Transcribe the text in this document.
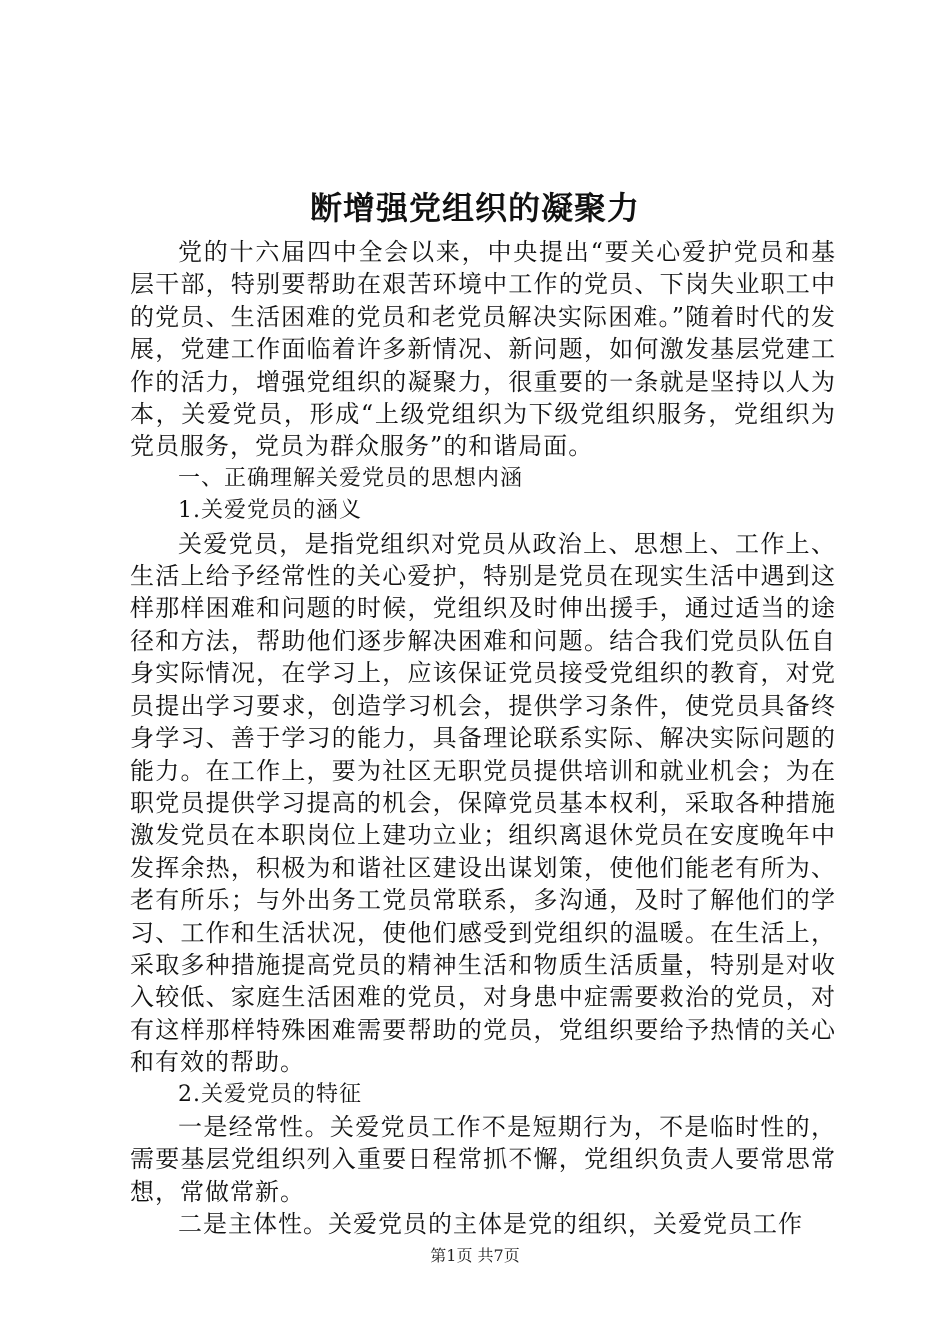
断增强党组织的凝聚力

党的十六届四中全会以来，中央提出“要关心爱护党员和基层干部，特别要帮助在艰苦环境中工作的党员、下岗失业职工中的党员、生活困难的党员和老党员解决实际困难。”随着时代的发展，党建工作面临着许多新情况、新问题，如何激发基层党建工作的活力，增强党组织的凝聚力，很重要的一条就是坚持以人为本，关爱党员，形成“上级党组织为下级党组织服务，党组织为党员服务，党员为群众服务”的和谐局面。

一、正确理解关爱党员的思想内涵

1.关爱党员的涵义

关爱党员，是指党组织对党员从政治上、思想上、工作上、生活上给予经常性的关心爱护，特别是党员在现实生活中遇到这样那样困难和问题的时候，党组织及时伸出援手，通过适当的途径和方法，帮助他们逐步解决困难和问题。结合我们党员队伍自身实际情况，在学习上，应该保证党员接受党组织的教育，对党员提出学习要求，创造学习机会，提供学习条件，使党员具备终身学习、善于学习的能力，具备理论联系实际、解决实际问题的能力。在工作上，要为社区无职党员提供培训和就业机会；为在职党员提供学习提高的机会，保障党员基本权利，采取各种措施激发党员在本职岗位上建功立业；组织离退休党员在安度晚年中发挥余热，积极为和谐社区建设出谋划策，使他们能老有所为、老有所乐；与外出务工党员常联系，多沟通，及时了解他们的学习、工作和生活状况，使他们感受到党组织的温暖。在生活上，采取多种措施提高党员的精神生活和物质生活质量，特别是对收入较低、家庭生活困难的党员，对身患中症需要救治的党员，对有这样那样特殊困难需要帮助的党员，党组织要给予热情的关心和有效的帮助。

2.关爱党员的特征

一是经常性。关爱党员工作不是短期行为，不是临时性的，需要基层党组织列入重要日程常抓不懈，党组织负责人要常思常想，常做常新。

二是主体性。关爱党员的主体是党的组织，关爱党员工作

第1页 共7页
